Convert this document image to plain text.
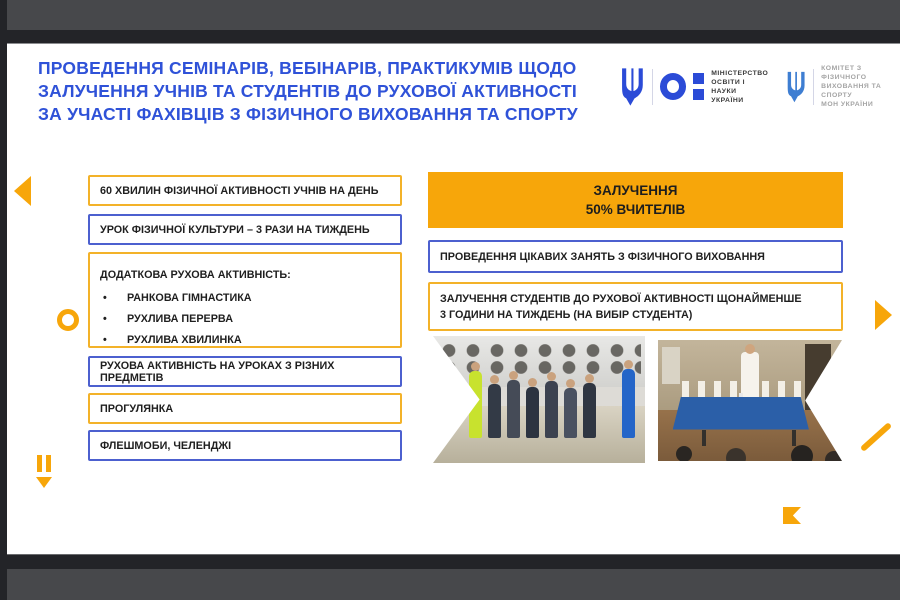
ПРОВЕДЕННЯ СЕМІНАРІВ, ВЕБІНАРІВ, ПРАКТИКУМІВ ЩОДО
ЗАЛУЧЕННЯ УЧНІВ ТА СТУДЕНТІВ ДО РУХОВОЇ АКТИВНОСТІ
ЗА УЧАСТІ ФАХІВЦІВ З ФІЗИЧНОГО ВИХОВАННЯ ТА СПОРТУ
МІНІСТЕРСТВО
ОСВІТИ І НАУКИ
УКРАЇНИ
КОМІТЕТ З ФІЗИЧНОГО
ВИХОВАННЯ ТА СПОРТУ
МОН УКРАЇНИ
60 ХВИЛИН ФІЗИЧНОЇ АКТИВНОСТІ УЧНІВ НА ДЕНЬ
УРОК ФІЗИЧНОЇ КУЛЬТУРИ – 3 РАЗИ НА ТИЖДЕНЬ
ДОДАТКОВА РУХОВА АКТИВНІСТЬ:
•	РАНКОВА ГІМНАСТИКА
•	РУХЛИВА ПЕРЕРВА
•	РУХЛИВА ХВИЛИНКА
РУХОВА АКТИВНІСТЬ НА УРОКАХ З РІЗНИХ ПРЕДМЕТІВ
ПРОГУЛЯНКА
ФЛЕШМОБИ, ЧЕЛЕНДЖІ
ЗАЛУЧЕННЯ
50% ВЧИТЕЛІВ
ПРОВЕДЕННЯ ЦІКАВИХ ЗАНЯТЬ З ФІЗИЧНОГО ВИХОВАННЯ
ЗАЛУЧЕННЯ СТУДЕНТІВ ДО РУХОВОЇ АКТИВНОСТІ ЩОНАЙМЕНШЕ
3 ГОДИНИ НА ТИЖДЕНЬ (НА ВИБІР СТУДЕНТА)
